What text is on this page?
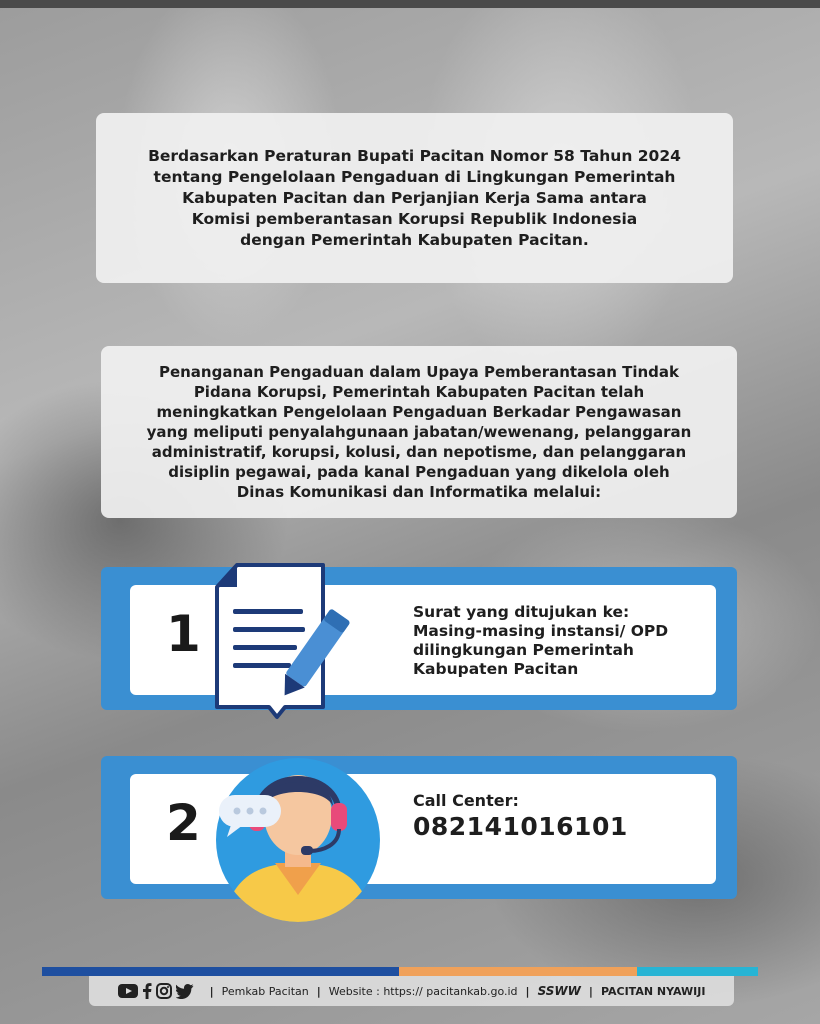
Berdasarkan Peraturan Bupati Pacitan Nomor 58 Tahun 2024
tentang Pengelolaan Pengaduan di Lingkungan Pemerintah
Kabupaten Pacitan dan Perjanjian Kerja Sama antara
Komisi pemberantasan Korupsi Republik Indonesia
dengan Pemerintah Kabupaten Pacitan.

Penanganan Pengaduan dalam Upaya Pemberantasan Tindak
Pidana Korupsi, Pemerintah Kabupaten Pacitan telah
meningkatkan Pengelolaan Pengaduan Berkadar Pengawasan
yang meliputi penyalahgunaan jabatan/wewenang, pelanggaran
administratif, korupsi, kolusi, dan nepotisme, dan pelanggaran
disiplin pegawai, pada kanal Pengaduan yang dikelola oleh
Dinas Komunikasi dan Informatika melalui:

1	Surat yang ditujukan ke:
Masing-masing instansi/ OPD
dilingkungan Pemerintah
Kabupaten Pacitan
2	Call Center:
082141016101
| Pemkab Pacitan | Website : https:// pacitankab.go.id | SSWW | PACITAN NYAWIJI
